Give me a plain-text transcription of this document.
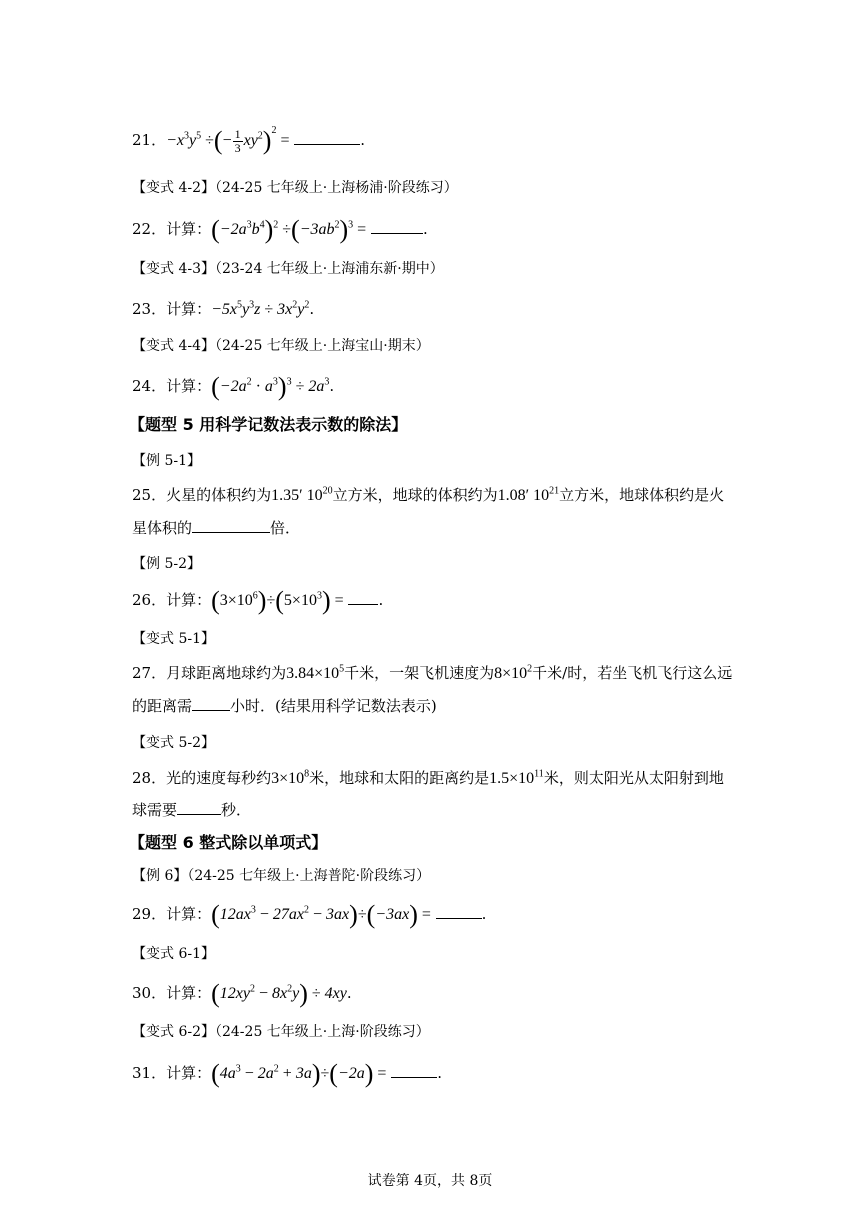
21．$-x^3y^5$ ÷(− $\frac{1}{3} xy^2)^2$ =	.
【变式 4-2】（24-25 七年级上·上海杨浦·阶段练习）
22．计算：$(-2a^3b^4)^2 \div(-3ab^2)^3$ =	.
【变式 4-3】（23-24 七年级上·上海浦东新·期中）
23．计算：$-5x^5y^3z \div 3x^2y^2$.
【变式 4-4】（24-25 七年级上·上海宝山·期末）
24．计算：$(-2a^2 \cdot a^3)^3 \div 2a^3$.
【题型 5 用科学记数法表示数的除法】
【例 5-1】
25．火星的体积约为1.35′ $10^{20}$立方米，地球的体积约为1.08′ $10^{21}$立方米，地球体积约是火
星体积的	倍．
【例 5-2】
26．计算：$(3\times 10^6)\div(5\times 10^3)$ = .
【变式 5-1】
27．月球距离地球约为$3.84\times 10^5$千米，一架飞机速度为$8\times 10^2$千米/时，若坐飞机飞行这么远
的距离需	小时．(结果用科学记数法表示)
【变式 5-2】
28．光的速度每秒约$3\times 10^8$米，地球和太阳的距离约是$1.5\times 10^{11}$米，则太阳光从太阳射到地
球需要	秒．
【题型 6 整式除以单项式】
【例 6】（24-25 七年级上·上海普陀·阶段练习）
29．计算：$(12ax^3 - 27ax^2 - 3ax)\div(-3ax)$ =	.
【变式 6-1】
30．计算：$(12xy^2 - 8x^2y) \div 4xy$.
【变式 6-2】（24-25 七年级上·上海·阶段练习）
31．计算：$(4a^3 - 2a^2 + 3a)\div(-2a)$ =	.
试卷第 4页，共 8页
